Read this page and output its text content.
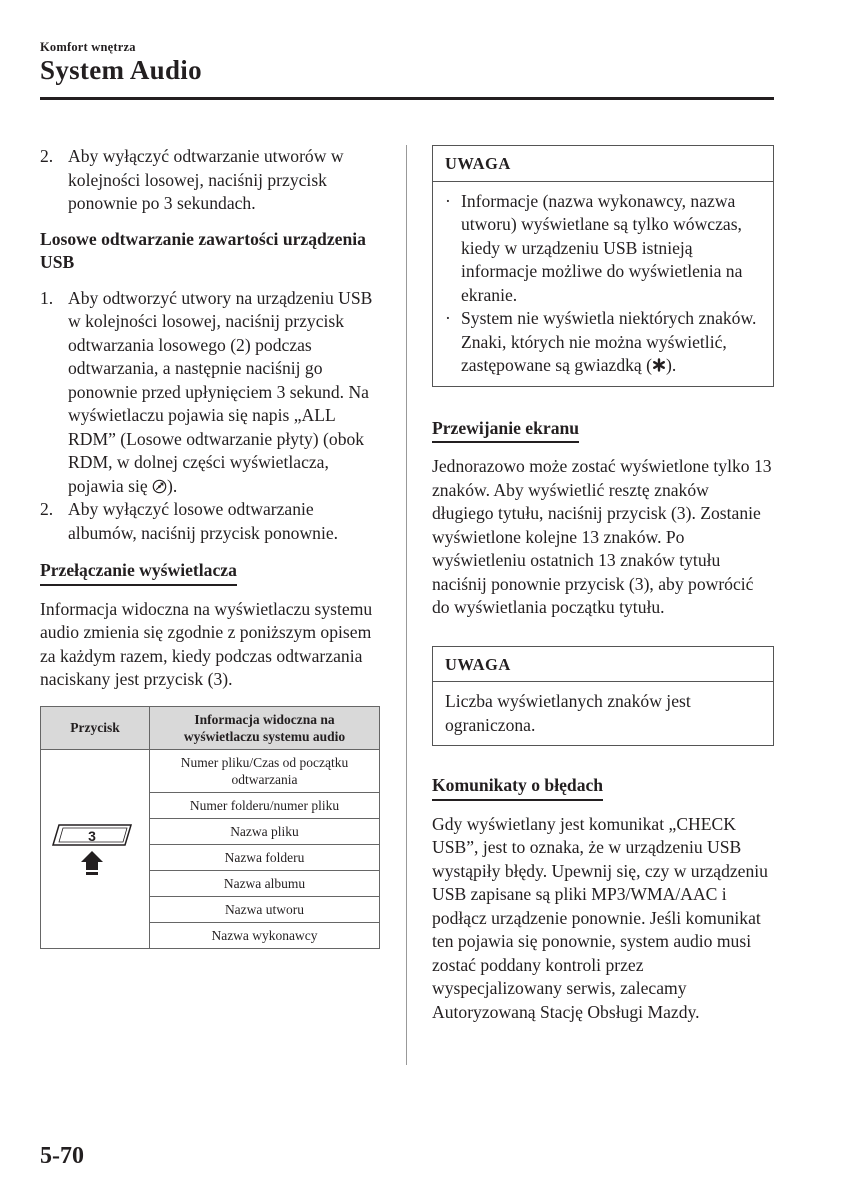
Komfort wnętrza
System Audio
2. Aby wyłączyć odtwarzanie utworów w kolejności losowej, naciśnij przycisk ponownie po 3 sekundach.
Losowe odtwarzanie zawartości urządzenia USB
1. Aby odtworzyć utwory na urządzeniu USB w kolejności losowej, naciśnij przycisk odtwarzania losowego (2) podczas odtwarzania, a następnie naciśnij go ponownie przed upłynięciem 3 sekund. Na wyświetlaczu pojawia się napis „ALL RDM” (Losowe odtwarzanie płyty) (obok RDM, w dolnej części wyświetlacza, pojawia się ).
2. Aby wyłączyć losowe odtwarzanie albumów, naciśnij przycisk ponownie.
Przełączanie wyświetlacza

Informacja widoczna na wyświetlaczu systemu audio zmienia się zgodnie z poniższym opisem za każdym razem, kiedy podczas odtwarzania naciskany jest przycisk (3).

Przycisk	Informacja widoczna na wyświetlaczu systemu audio

3	Numer pliku/Czas od początku odtwarzania
	Numer folderu/numer pliku
	Nazwa pliku
	Nazwa folderu
	Nazwa albumu
	Nazwa utworu
	Nazwa wykonawcy
UWAGA
· Informacje (nazwa wykonawcy, nazwa utworu) wyświetlane są tylko wówczas, kiedy w urządzeniu USB istnieją informacje możliwe do wyświetlenia na ekranie.
· System nie wyświetla niektórych znaków. Znaki, których nie można wyświetlić, zastępowane są gwiazdką ( ).
Przewijanie ekranu

Jednorazowo może zostać wyświetlone tylko 13 znaków. Aby wyświetlić resztę znaków długiego tytułu, naciśnij przycisk (3). Zostanie wyświetlone kolejne 13 znaków. Po wyświetleniu ostatnich 13 znaków tytułu naciśnij ponownie przycisk (3), aby powrócić do wyświetlania początku tytułu.

UWAGA

Liczba wyświetlanych znaków jest ograniczona.

Komunikaty o błędach

Gdy wyświetlany jest komunikat „CHECK USB”, jest to oznaka, że w urządzeniu USB wystąpiły błędy. Upewnij się, czy w urządzeniu USB zapisane są pliki MP3/WMA/AAC i podłącz urządzenie ponownie. Jeśli komunikat ten pojawia się ponownie, system audio musi zostać poddany kontroli przez wyspecjalizowany serwis, zalecamy Autoryzowaną Stację Obsługi Mazdy.

5-70
